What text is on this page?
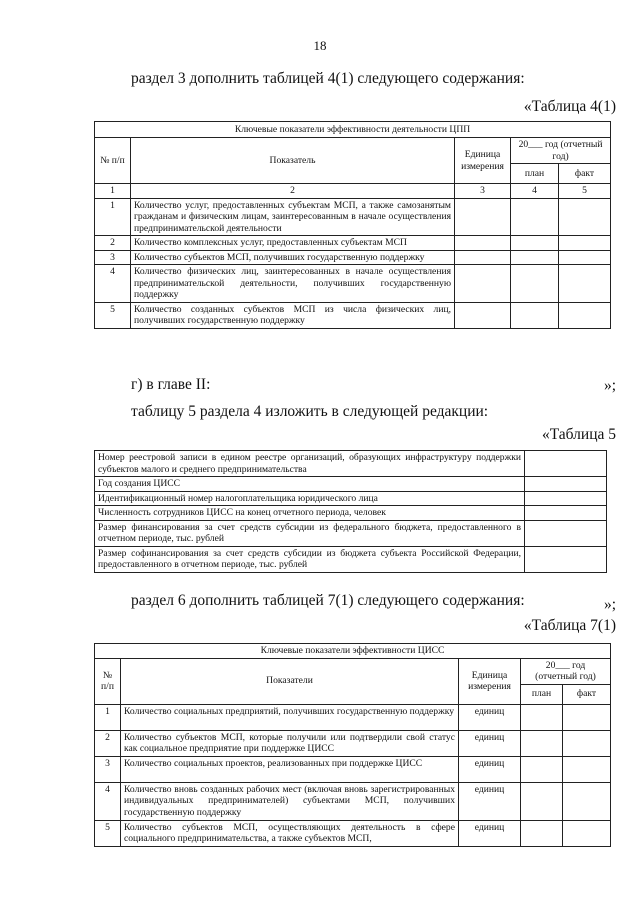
18
раздел 3 дополнить таблицей 4(1) следующего содержания:
«Таблица 4(1)
Ключевые показатели эффективности деятельности ЦПП				
№ п/п	Показатель	Единица измерения	20___ год (отчетный год)	
			план	факт
1	2	3	4	5
1	Количество услуг, предоставленных субъектам МСП, а также самозанятым гражданам и физическим лицам, заинтересованным в начале осуществления предпринимательской деятельности			
2	Количество комплексных услуг, предоставленных субъектам МСП			
3	Количество субъектов МСП, получивших государственную поддержку			
4	Количество физических лиц, заинтересованных в начале осуществления предпринимательской деятельности, получивших государственную поддержку			
5	Количество созданных субъектов МСП из числа физических лиц, получивших государственную поддержку			
»;
г) в главе II:
таблицу 5 раздела 4 изложить в следующей редакции:
«Таблица 5
Номер реестровой записи в едином реестре организаций, образующих инфраструктуру поддержки субъектов малого и среднего предпринимательства	
Год создания ЦИСС	
Идентификационный номер налогоплательщика юридического лица	
Численность сотрудников ЦИСС на конец отчетного периода, человек	
Размер финансирования за счет средств субсидии из федерального бюджета, предоставленного в отчетном периоде, тыс. рублей	
Размер софинансирования за счет средств субсидии из бюджета субъекта Российской Федерации, предоставленного в отчетном периоде, тыс. рублей	
»;
раздел 6 дополнить таблицей 7(1) следующего содержания:
«Таблица 7(1)
Ключевые показатели эффективности ЦИСС				
№ п/п	Показатели	Единица измерения	20___ год (отчетный год)	
			план	факт
1	Количество социальных предприятий, получивших государственную поддержку	единиц		
2	Количество субъектов МСП, которые получили или подтвердили свой статус как социальное предприятие при поддержке ЦИСС	единиц		
3	Количество социальных проектов, реализованных при поддержке ЦИСС	единиц		
4	Количество вновь созданных рабочих мест (включая вновь зарегистрированных индивидуальных предпринимателей) субъектами МСП, получивших государственную поддержку	единиц		
5	Количество субъектов МСП, осуществляющих деятельность в сфере социального предпринимательства, а также субъектов МСП,	единиц		
